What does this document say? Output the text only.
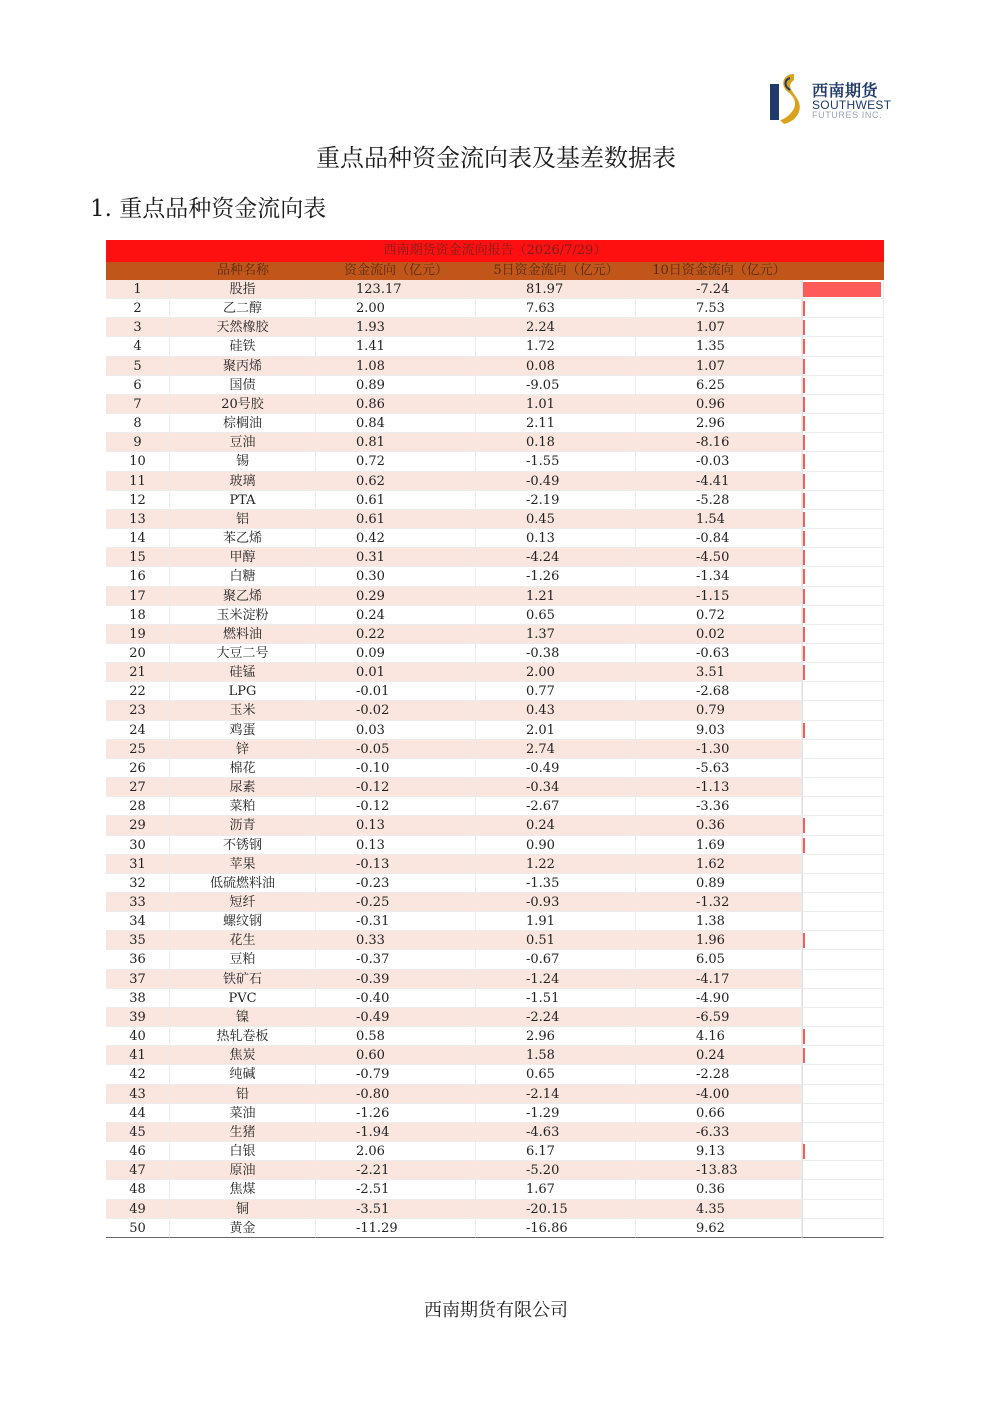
西南期货
SOUTHWEST
FUTURES INC.
重点品种资金流向表及基差数据表
1. 重点品种资金流向表
西南期货资金流向报告（2026/7/29）
品种名称	资金流向（亿元）	5日资金流向（亿元）	10日资金流向（亿元）
1	股指	123.17	81.97	-7.24
2	乙二醇	2.00	7.63	7.53
3	天然橡胶	1.93	2.24	1.07
4	硅铁	1.41	1.72	1.35
5	聚丙烯	1.08	0.08	1.07
6	国债	0.89	-9.05	6.25
7	20号胶	0.86	1.01	0.96
8	棕榈油	0.84	2.11	2.96
9	豆油	0.81	0.18	-8.16
10	锡	0.72	-1.55	-0.03
11	玻璃	0.62	-0.49	-4.41
12	PTA	0.61	-2.19	-5.28
13	铝	0.61	0.45	1.54
14	苯乙烯	0.42	0.13	-0.84
15	甲醇	0.31	-4.24	-4.50
16	白糖	0.30	-1.26	-1.34
17	聚乙烯	0.29	1.21	-1.15
18	玉米淀粉	0.24	0.65	0.72
19	燃料油	0.22	1.37	0.02
20	大豆二号	0.09	-0.38	-0.63
21	硅锰	0.01	2.00	3.51
22	LPG	-0.01	0.77	-2.68
23	玉米	-0.02	0.43	0.79
24	鸡蛋	0.03	2.01	9.03
25	锌	-0.05	2.74	-1.30
26	棉花	-0.10	-0.49	-5.63
27	尿素	-0.12	-0.34	-1.13
28	菜粕	-0.12	-2.67	-3.36
29	沥青	0.13	0.24	0.36
30	不锈钢	0.13	0.90	1.69
31	苹果	-0.13	1.22	1.62
32	低硫燃料油	-0.23	-1.35	0.89
33	短纤	-0.25	-0.93	-1.32
34	螺纹钢	-0.31	1.91	1.38
35	花生	0.33	0.51	1.96
36	豆粕	-0.37	-0.67	6.05
37	铁矿石	-0.39	-1.24	-4.17
38	PVC	-0.40	-1.51	-4.90
39	镍	-0.49	-2.24	-6.59
40	热轧卷板	0.58	2.96	4.16
41	焦炭	0.60	1.58	0.24
42	纯碱	-0.79	0.65	-2.28
43	铅	-0.80	-2.14	-4.00
44	菜油	-1.26	-1.29	0.66
45	生猪	-1.94	-4.63	-6.33
46	白银	2.06	6.17	9.13
47	原油	-2.21	-5.20	-13.83
48	焦煤	-2.51	1.67	0.36
49	铜	-3.51	-20.15	4.35
50	黄金	-11.29	-16.86	9.62
西南期货有限公司
